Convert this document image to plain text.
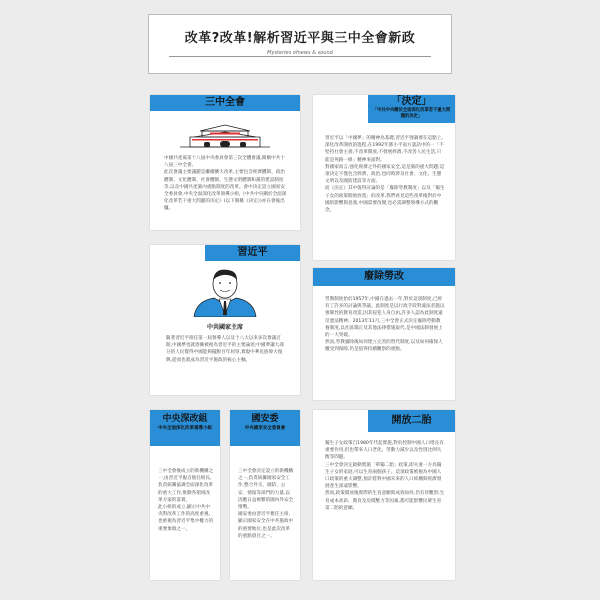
改革?改革!解析習近平與三中全會新政
Mysteries ofnews & sound
三中全會
中國共產黨第十八屆中央委員會第三次全體會議,簡稱中共十八屆三中全會。
此次會議主要議題是繼續擴大改革,主要包含經濟體制、政治體制、文化體制、社會體制、生態文明體制和黨的建設制度等,以及中國共產黨內重點制度的改革。會中決定設立國家安全委員會,中央全面深化改革領導小組,《中共中央關於全面深化改革若干重大問題的決定》(以下簡稱《決定》)亦在會後出爐。
「決定」
「中共中央關於全面深化改革若干重大問題的決定」
習近平以「中國夢」的精神為基礎,習近平強調要在這點上,深化改革開放的進程,在1992年鄧小平南方談話中的一「不堅持社會主義,不改革開放,不發展經濟,不改善人民生活,只能是死路一條」精神來面對。
對國家而言,強化經濟之外的國家安全,這是黨的重大問題;這項決定不僅包含經濟、政治,也同時涉及社會、文化、生態文明以及國防建設等方面。
而《決定》其中值得討論的是「廢除勞教制度」以及「獨生子女的政策開始放寬」的改革,我們看見這些改革後對於中國的影響與意義,中國需要改變,也必需調整領導方式的觀念。
習近平
中共國家主席
隨著習近平接任第一屆領導人以及十八大以來多次會議召開,中國夢也就逐漸被視為習近平的主要論述;中國夢讓大部分的人民覺得中國能夠擺脫百年屈辱,實現中華民族偉大復興,從而也就成為習近平施政的核心主軸。
廢除勞改
勞教制度始於1957年,中國在過去一年,對於這項制度,已經有了許多的討論與爭議。此制度是以行政手段對違法者施以強制性的教育改造,因其侵犯人身自由,許多人認為此制度違反憲法精神。2013年11月,三中全會正式決定廢除勞動教養制度,以社區矯正及其他法律措施取代,是中國法制發展上的一大突破。
然而,勞教廢除後如何建立完善的替代制度,以及如何確保人權受到保障,仍是值得持續觀察的重點。
中央深改組
中央全面深化改革領導小組
三中全會後成立的新機構之一,由習近平親自擔任組長,負責統籌協調全面深化改革的重大工作,推動各領域改革方案的落實。
此小組的成立,顯示中共中央對改革工作的高度重視,也被視為習近平集中權力的重要象徵之一。
國安委
中央國家安全委員會
三中全會決定設立的新機構之一,負責統籌國家安全工作,整合外交、國防、公安、情報等部門的力量,以因應日益複雜的國內外安全情勢。
國安委由習近平擔任主席,顯示國家安全在中共施政中的重要地位,也是此次改革的重點項目之一。
開放二胎
獨生子女政策自1980年代起實施,對於控制中國人口增長有重要作用,但也帶來人口老化、勞動力減少以及性別比例失衡等問題。
三中全會決定啟動實施「單獨二胎」政策,即夫妻一方為獨生子女的家庭,可以生育兩個孩子。這項政策被視為中國人口政策的重大調整,預計將對中國未來的人口結構與經濟發展產生深遠影響。
然而,政策開放後實際的生育意願與成效如何,仍有待觀察;生育成本高昂、教育及房價壓力等因素,都可能影響民眾生育第二胎的意願。
